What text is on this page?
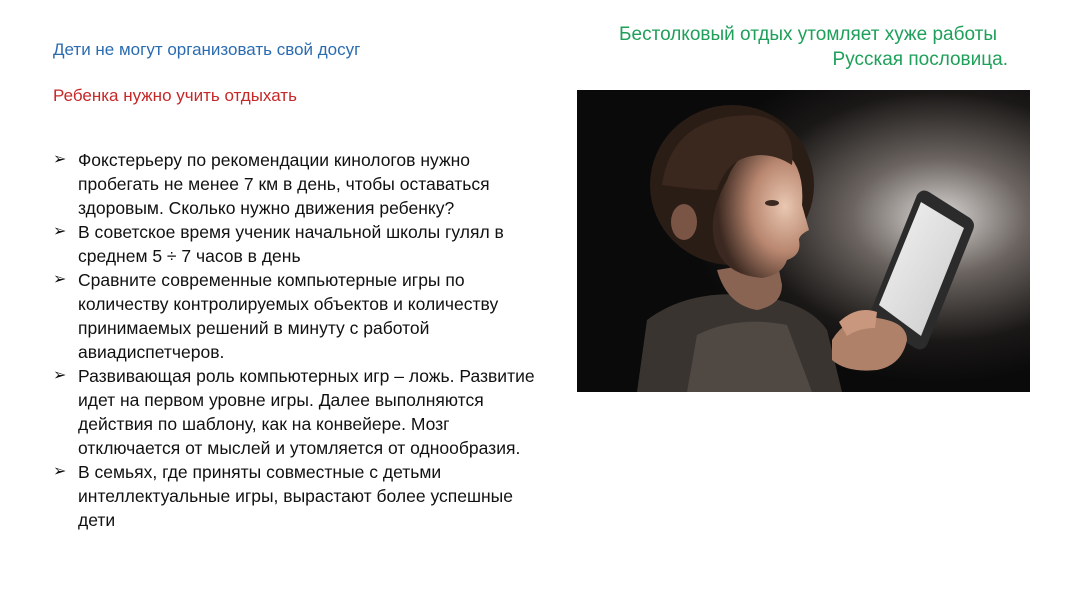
Дети не могут организовать свой досуг
Ребенка нужно учить отдыхать
Бестолковый отдых утомляет хуже работы
Русская пословица.
➢ Фокстерьеру по рекомендации кинологов нужно пробегать не менее 7 км в день, чтобы оставаться здоровым. Сколько нужно движения ребенку?
➢ В советское время ученик начальной школы гулял в среднем 5 ÷ 7 часов в день
➢ Сравните современные компьютерные игры по количеству контролируемых объектов и количеству принимаемых решений в минуту с работой авиадиспетчеров.
➢ Развивающая роль компьютерных игр – ложь. Развитие идет на первом уровне игры. Далее выполняются действия по шаблону, как на конвейере. Мозг отключается от мыслей и утомляется от однообразия.
➢ В семьях, где приняты совместные с детьми интеллектуальные игры, вырастают более успешные дети
